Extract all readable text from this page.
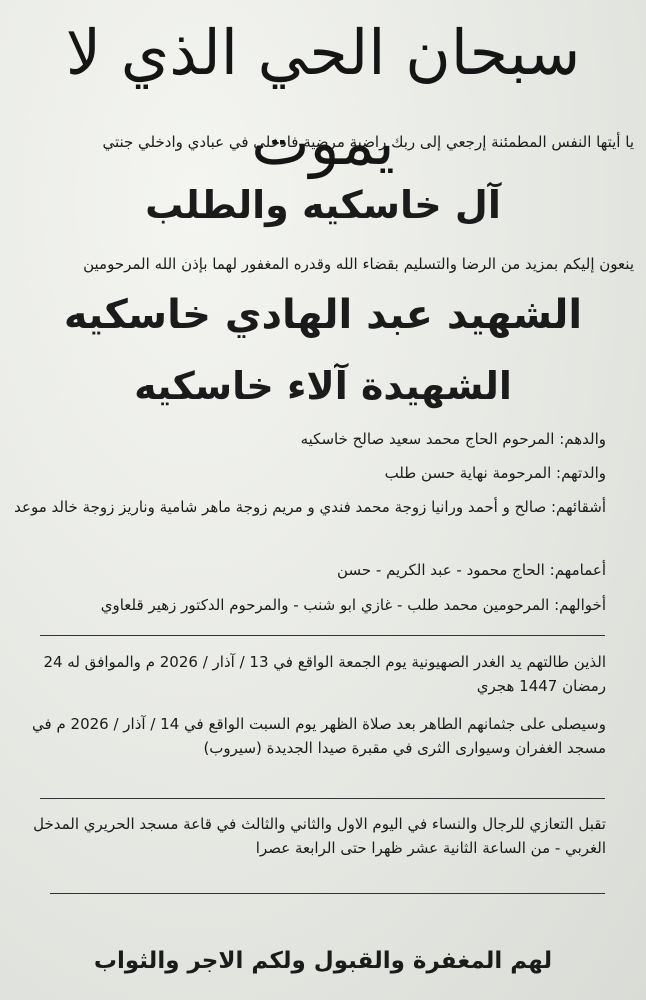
سبحان الحي الذي لا يموت
يا أيتها النفس المطمئنة إرجعي إلى ربك راضية مرضية فادخلي في عبادي وادخلي جنتي
آل خاسكيه والطلب
ينعون إليكم بمزيد من الرضا والتسليم بقضاء الله وقدره المغفور لهما بإذن الله المرحومين
الشهيد عبد الهادي خاسكيه
الشهيدة آلاء خاسكيه
والدهم: المرحوم الحاج محمد سعيد صالح خاسكيه
والدتهم: المرحومة نهاية حسن طلب
أشقائهم: صالح و أحمد ورانيا زوجة محمد فندي و مريم زوجة ماهر شامية وناريز زوجة خالد موعد
أعمامهم: الحاج محمود - عبد الكريم - حسن
أخوالهم: المرحومين محمد طلب - غازي ابو شنب - والمرحوم الدكتور زهير قلعاوي
الذين طالتهم يد الغدر الصهيونية يوم الجمعة الواقع في 13 / آذار / 2026 م والموافق له 24 رمضان 1447 هجري
وسيصلى على جثمانهم الطاهر بعد صلاة الظهر يوم السبت الواقع في 14 / آذار / 2026 م في مسجد الغفران وسيوارى الثرى في مقبرة صيدا الجديدة (سيروب)
تقبل التعازي للرجال والنساء في اليوم الاول والثاني والثالث في قاعة مسجد الحريري المدخل الغربي - من الساعة الثانية عشر ظهرا حتى الرابعة عصرا
لهم المغفرة والقبول ولكم الاجر والثواب
